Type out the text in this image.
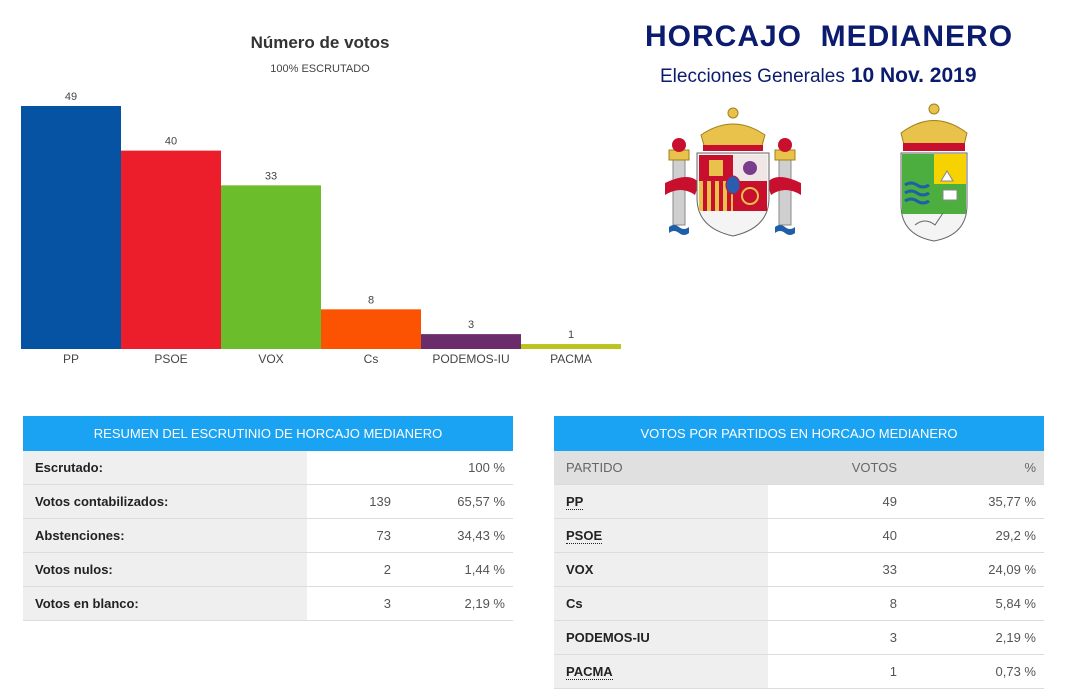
Número de votos
100% ESCRUTADO
49
PP
40
PSOE
33
VOX
8
Cs
3
PODEMOS-IU
1
PACMA
HORCAJO  MEDIANERO
Elecciones Generales 10 Nov. 2019
RESUMEN DEL ESCRUTINIO DE HORCAJO MEDIANERO
Escrutado:		100 %
Votos contabilizados:	139	65,57 %
Abstenciones:	73	34,43 %
Votos nulos:	2	1,44 %
Votos en blanco:	3	2,19 %
VOTOS POR PARTIDOS EN HORCAJO MEDIANERO
PARTIDO	VOTOS	%
PP	49	35,77 %
PSOE	40	29,2 %
VOX	33	24,09 %
Cs	8	5,84 %
PODEMOS-IU	3	2,19 %
PACMA	1	0,73 %
